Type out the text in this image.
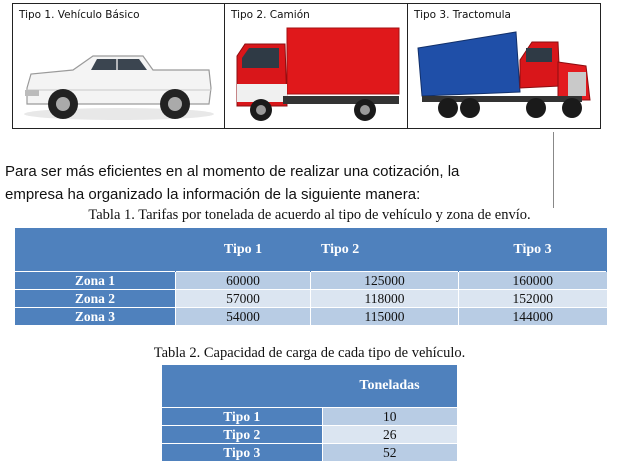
Tipo 1. Vehículo Básico	Tipo 2. Camión	Tipo 3. Tractomula
Para ser más eficientes en al momento de realizar una cotización, la
empresa ha organizado la información de la siguiente manera:
Tabla 1. Tarifas por tonelada de acuerdo al tipo de vehículo y zona de envío.
	Tipo 1	Tipo 2	Tipo 3
Zona 1	60000	125000	160000
Zona 2	57000	118000	152000
Zona 3	54000	115000	144000
Tabla 2. Capacidad de carga de cada tipo de vehículo.
	Toneladas
Tipo 1	10
Tipo 2	26
Tipo 3	52
